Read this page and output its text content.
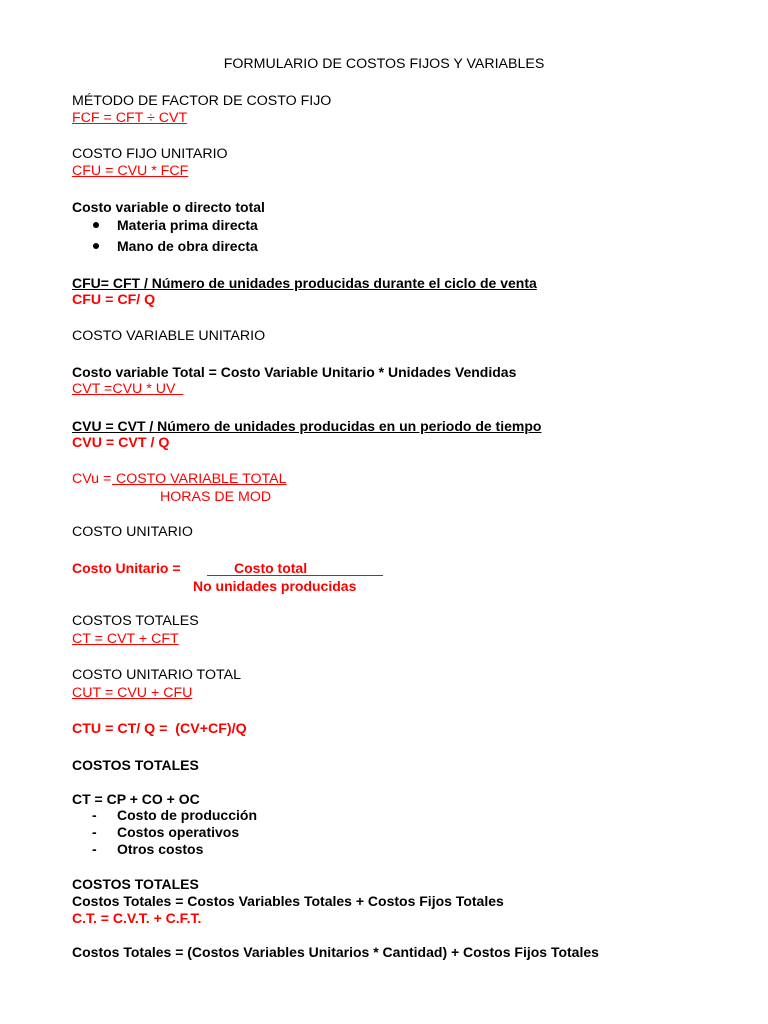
FORMULARIO DE COSTOS FIJOS Y VARIABLES
MÉTODO DE FACTOR DE COSTO FIJO
FCF = CFT ÷ CVT
COSTO FIJO UNITARIO
CFU = CVU * FCF
Costo variable o directo total
Materia prima directa
Mano de obra directa
CFU= CFT / Número de unidades producidas durante el ciclo de venta
CFU = CF/ Q
COSTO VARIABLE UNITARIO
Costo variable Total = Costo Variable Unitario * Unidades Vendidas
CVT =CVU * UV
CVU = CVT / Número de unidades producidas en un periodo de tiempo
CVU = CVT / Q
CVu = COSTO VARIABLE TOTAL
HORAS DE MOD
COSTO UNITARIO
Costo Unitario =	Costo total
No unidades producidas
COSTOS TOTALES
CT = CVT + CFT
COSTO UNITARIO TOTAL
CUT = CVU + CFU
CTU = CT/ Q =  (CV+CF)/Q
COSTOS TOTALES
CT = CP + CO + OC
- Costo de producción
- Costos operativos
- Otros costos
COSTOS TOTALES
Costos Totales = Costos Variables Totales + Costos Fijos Totales
C.T. = C.V.T. + C.F.T.
Costos Totales = (Costos Variables Unitarios * Cantidad) + Costos Fijos Totales
